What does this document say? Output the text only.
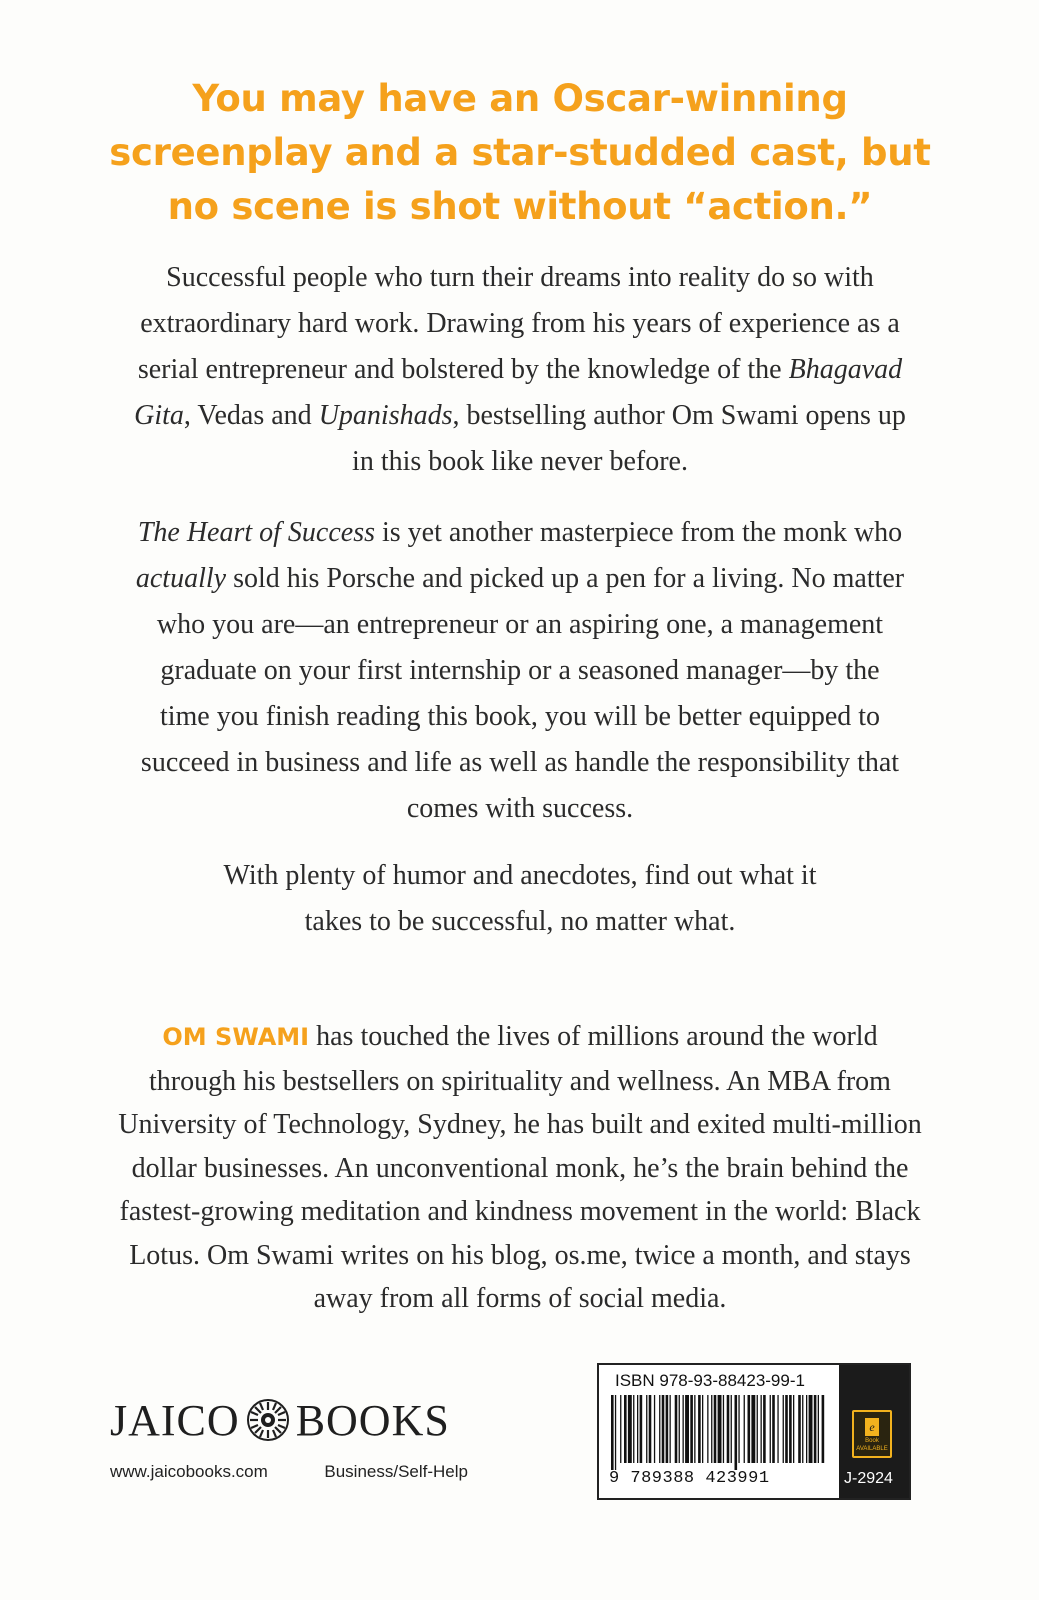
You may have an Oscar-winning
screenplay and a star-studded cast, but
no scene is shot without “action.”
Successful people who turn their dreams into reality do so with
extraordinary hard work. Drawing from his years of experience as a
serial entrepreneur and bolstered by the knowledge of the Bhagavad
Gita, Vedas and Upanishads, bestselling author Om Swami opens up
in this book like never before.
The Heart of Success is yet another masterpiece from the monk who
actually sold his Porsche and picked up a pen for a living. No matter
who you are—an entrepreneur or an aspiring one, a management
graduate on your first internship or a seasoned manager—by the
time you finish reading this book, you will be better equipped to
succeed in business and life as well as handle the responsibility that
comes with success.
With plenty of humor and anecdotes, find out what it
takes to be successful, no matter what.
OM SWAMI has touched the lives of millions around the world
through his bestsellers on spirituality and wellness. An MBA from
University of Technology, Sydney, he has built and exited multi-million
dollar businesses. An unconventional monk, he’s the brain behind the
fastest-growing meditation and kindness movement in the world: Black
Lotus. Om Swami writes on his blog, os.me, twice a month, and stays
away from all forms of social media.
JAICO BOOKS
www.jaicobooks.com	Business/Self-Help
ISBN 978-93-88423-99-1
9 789388 423991
e
Book
AVAILABLE
J-2924
